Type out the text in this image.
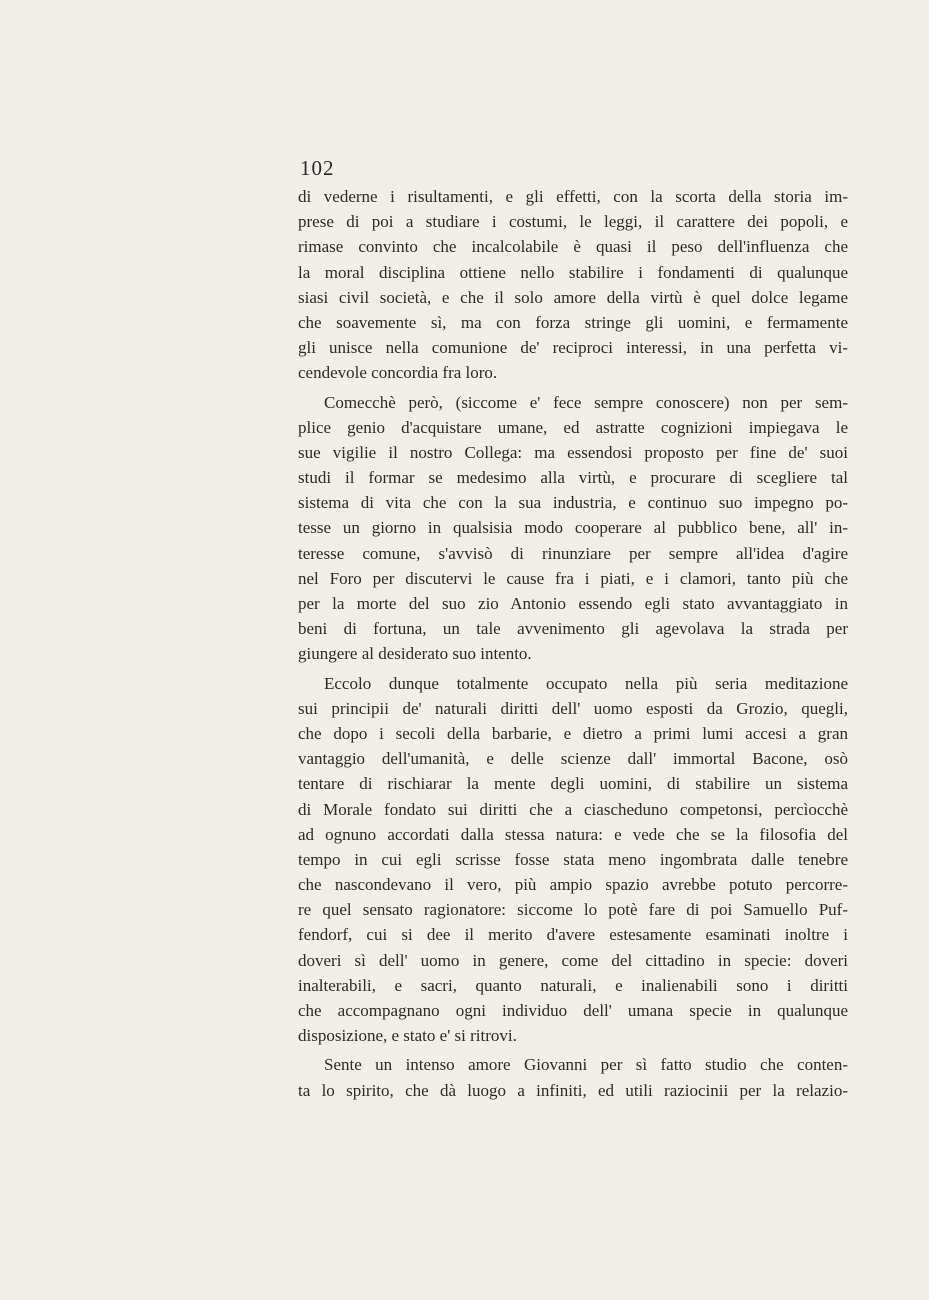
102
di vederne i risultamenti, e gli effetti, con la scorta della storia im-
prese di poi a studiare i costumi, le leggi, il carattere dei popoli, e
rimase convinto che incalcolabile è quasi il peso dell'influenza che
la moral disciplina ottiene nello stabilire i fondamenti di qualunque
siasi civil società, e che il solo amore della virtù è quel dolce legame
che soavemente sì, ma con forza stringe gli uomini, e fermamente
gli unisce nella comunione de' reciproci interessi, in una perfetta vi-
cendevole concordia fra loro.
Comecchè però, (siccome e' fece sempre conoscere) non per sem-
plice genio d'acquistare umane, ed astratte cognizioni impiegava le
sue vigilie il nostro Collega: ma essendosi proposto per fine de' suoi
studi il formar se medesimo alla virtù, e procurare di scegliere tal
sistema di vita che con la sua industria, e continuo suo impegno po-
tesse un giorno in qualsisia modo cooperare al pubblico bene, all' in-
teresse comune, s'avvisò di rinunziare per sempre all'idea d'agire
nel Foro per discutervi le cause fra i piati, e i clamori, tanto più che
per la morte del suo zio Antonio essendo egli stato avvantaggiato in
beni di fortuna, un tale avvenimento gli agevolava la strada per
giungere al desiderato suo intento.
Eccolo dunque totalmente occupato nella più seria meditazione
sui principii de' naturali diritti dell' uomo esposti da Grozio, quegli,
che dopo i secoli della barbarie, e dietro a primi lumi accesi a gran
vantaggio dell'umanità, e delle scienze dall' immortal Bacone, osò
tentare di rischiarar la mente degli uomini, di stabilire un sistema
di Morale fondato sui diritti che a ciascheduno competonsi, percìocchè
ad ognuno accordati dalla stessa natura: e vede che se la filosofia del
tempo in cui egli scrisse fosse stata meno ingombrata dalle tenebre
che nascondevano il vero, più ampio spazio avrebbe potuto percorre-
re quel sensato ragionatore: siccome lo potè fare di poi Samuello Puf-
fendorf, cui si dee il merito d'avere estesamente esaminati inoltre i
doveri sì dell' uomo in genere, come del cittadino in specie: doveri
inalterabili, e sacri, quanto naturali, e inalienabili sono i diritti
che accompagnano ogni individuo dell' umana specie in qualunque
disposizione, e stato e' si ritrovi.
Sente un intenso amore Giovanni per sì fatto studio che conten-
ta lo spirito, che dà luogo a infiniti, ed utili raziocinii per la relazio-
